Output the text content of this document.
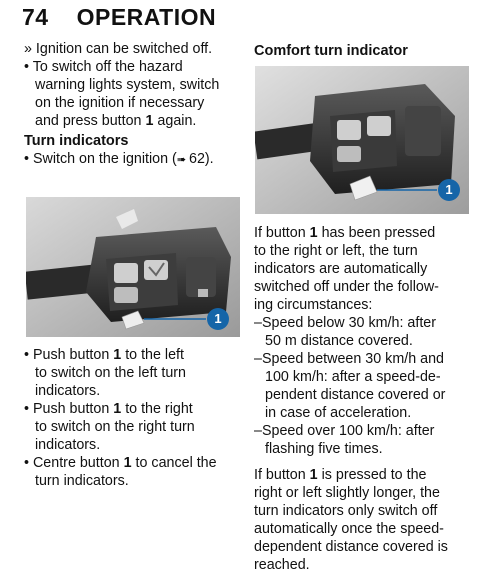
74 OPERATION
» Ignition can be switched off.
• To switch off the hazard
warning lights system, switch
on the ignition if necessary
and press button 1 again.
Turn indicators
• Switch on the ignition (➠ 62).
1
• Push button 1 to the left
to switch on the left turn
indicators.
• Push button 1 to the right
to switch on the right turn
indicators.
• Centre button 1 to cancel the
turn indicators.
Comfort turn indicator
1
If button 1 has been pressed
to the right or left, the turn
indicators are automatically
switched off under the follow-
ing circumstances:
–Speed below 30 km/h: after
50 m distance covered.
–Speed between 30 km/h and
100 km/h: after a speed-de-
pendent distance covered or
in case of acceleration.
–Speed over 100 km/h: after
flashing five times.
If button 1 is pressed to the
right or left slightly longer, the
turn indicators only switch off
automatically once the speed-
dependent distance covered is
reached.
